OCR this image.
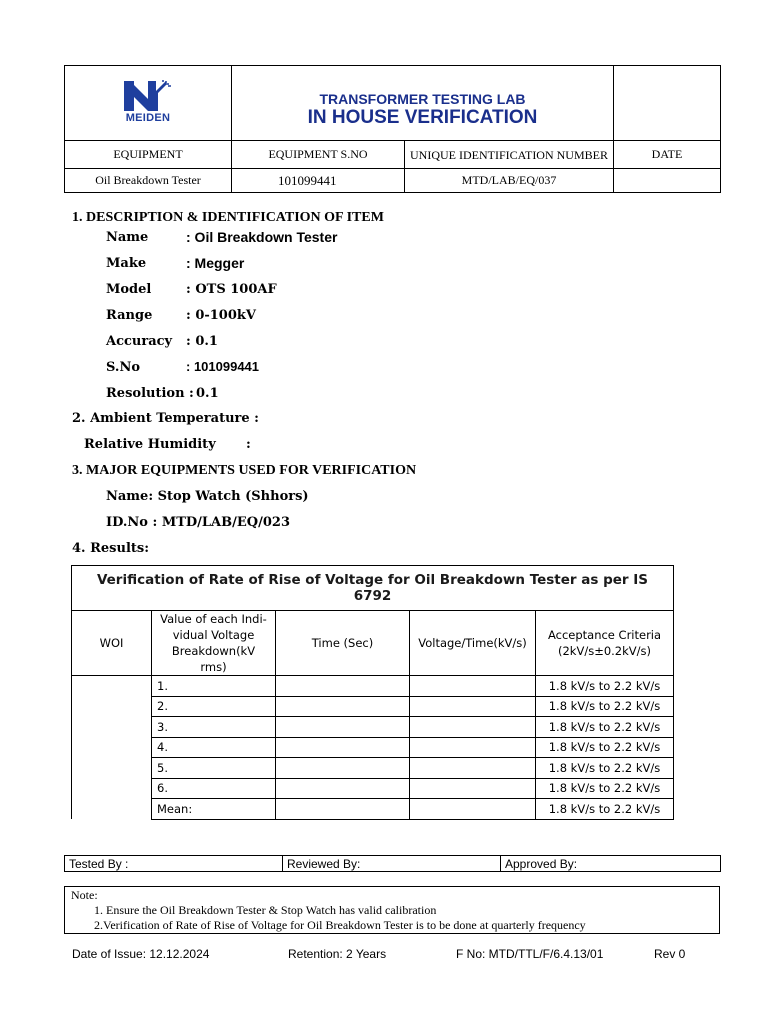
MEIDEN	TRANSFORMER TESTING LAB
IN HOUSE VERIFICATION		

EQUIPMENT	EQUIPMENT S.NO	UNIQUE IDENTIFICATION NUMBER	DATE
Oil Breakdown Tester	101099441	MTD/LAB/EQ/037	
1. DESCRIPTION & IDENTIFICATION OF ITEM
Name	: Oil Breakdown Tester
Make	: Megger
Model	: OTS 100AF
Range	: 0-100kV
Accuracy : 0.1
S.No	: 101099441
Resolution : 0.1
2. Ambient Temperature :
Relative Humidity :
3. MAJOR EQUIPMENTS USED FOR VERIFICATION
Name: Stop Watch (Shhors)
ID.No : MTD/LAB/EQ/023
4. Results:
Verification of Rate of Rise of Voltage for Oil Breakdown Tester as per IS 6792				
WOI	Value of each Indi-vidual Voltage Breakdown(kV rms)	Time (Sec)	Voltage/Time(kV/s)	Acceptance Criteria (2kV/s±0.2kV/s)
	1.			1.8 kV/s to 2.2 kV/s
	2.			1.8 kV/s to 2.2 kV/s
	3.			1.8 kV/s to 2.2 kV/s
	4.			1.8 kV/s to 2.2 kV/s
	5.			1.8 kV/s to 2.2 kV/s
	6.			1.8 kV/s to 2.2 kV/s
	Mean:			1.8 kV/s to 2.2 kV/s
Tested By :	Reviewed By:	Approved By:
Note:
1. Ensure the Oil Breakdown Tester & Stop Watch has valid calibration
2.Verification of Rate of Rise of Voltage for Oil Breakdown Tester is to be done at quarterly frequency
Date of Issue: 12.12.2024	Retention: 2 Years	F No: MTD/TTL/F/6.4.13/01	Rev 0
